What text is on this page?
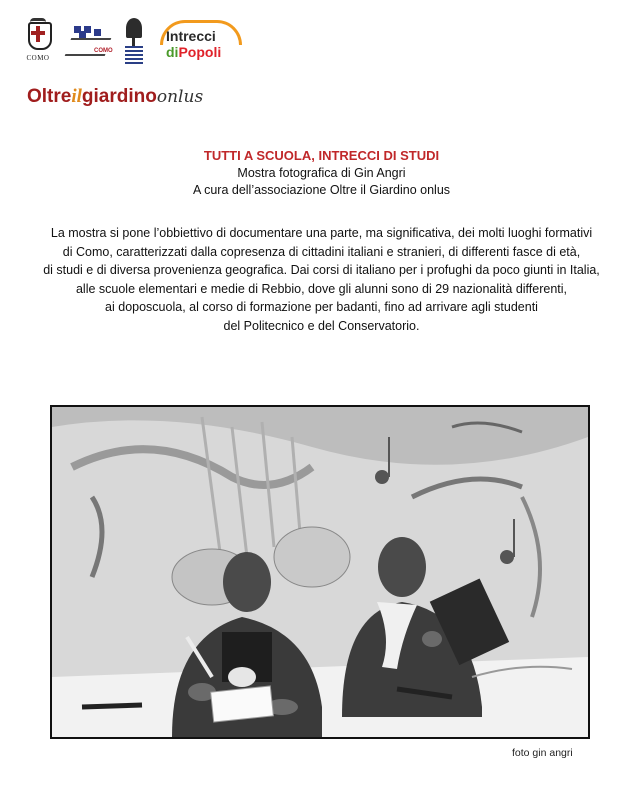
COMO
COMO
Intrecci
diPopoli
Oltreilgiardinoonlus
TUTTI A SCUOLA, INTRECCI DI STUDI
Mostra fotografica di Gin Angri
A cura dell’associazione Oltre il Giardino onlus
La mostra si pone l’obbiettivo di documentare una parte, ma significativa, dei molti luoghi formativi
di Como, caratterizzati dalla copresenza di cittadini italiani e stranieri, di differenti fasce di età,
di studi e di diversa provenienza geografica. Dai corsi di italiano per i profughi da poco giunti in Italia,
alle scuole elementari e medie di Rebbio, dove gli alunni sono di 29 nazionalità differenti,
ai doposcuola, al corso di formazione per badanti, fino ad arrivare agli studenti
del Politecnico e del Conservatorio.
foto gin angri
